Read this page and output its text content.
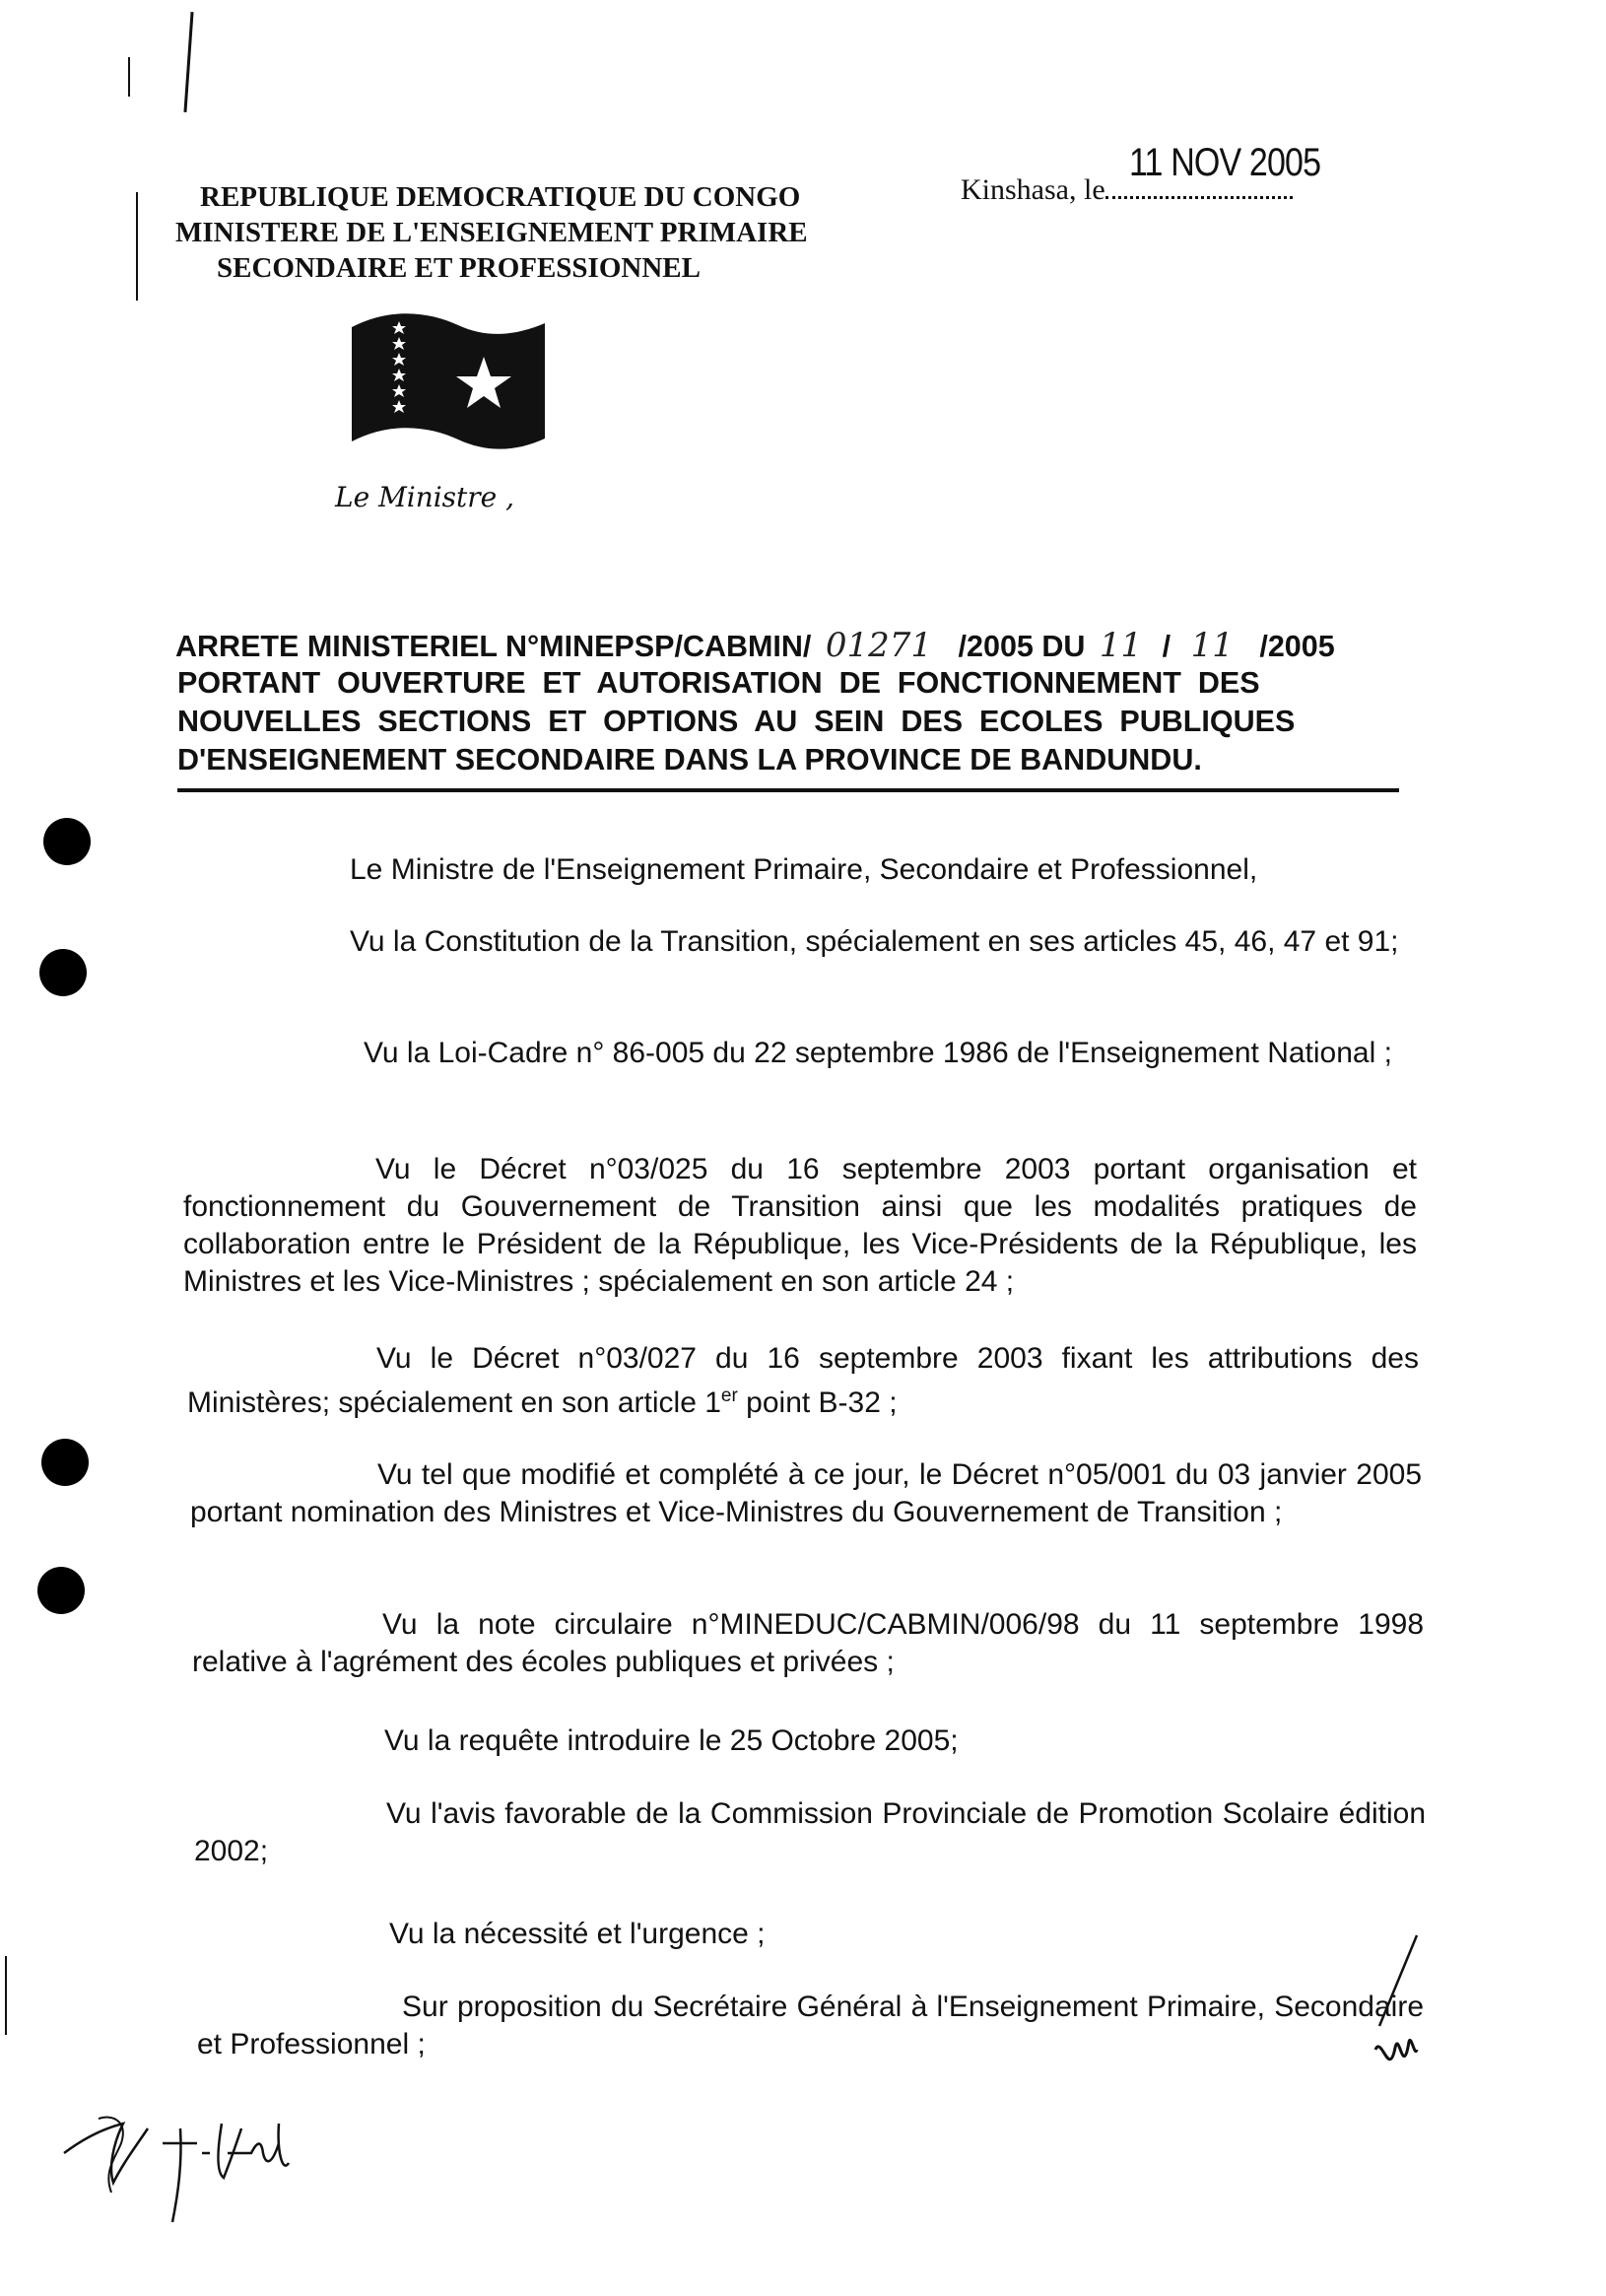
REPUBLIQUE DEMOCRATIQUE DU CONGO
MINISTERE DE L'ENSEIGNEMENT PRIMAIRE
SECONDAIRE ET PROFESSIONNEL
Kinshasa, le
11 NOV 2005
Le Ministre ,
ARRETE MINISTERIEL N°MINEPSP/CABMIN/ 01271 /2005 DU 11 / 11 /2005
PORTANT  OUVERTURE  ET  AUTORISATION  DE  FONCTIONNEMENT  DES
NOUVELLES  SECTIONS  ET  OPTIONS  AU  SEIN  DES  ECOLES  PUBLIQUES
D'ENSEIGNEMENT SECONDAIRE DANS LA PROVINCE DE BANDUNDU.
Le Ministre de l'Enseignement Primaire, Secondaire et Professionnel,
Vu la Constitution de la Transition, spécialement en ses articles 45, 46, 47 et 91;
Vu la Loi-Cadre n° 86-005 du 22 septembre 1986 de l'Enseignement National ;
Vu le Décret n°03/025 du 16 septembre 2003 portant organisation et fonctionnement du Gouvernement de Transition ainsi que les modalités pratiques de collaboration entre le Président de la République, les Vice-Présidents de la République, les Ministres et les Vice-Ministres ; spécialement en son article 24 ;
Vu le Décret n°03/027 du 16 septembre 2003 fixant les attributions des Ministères; spécialement en son article 1er point B-32 ;
Vu tel que modifié et complété à ce jour, le Décret n°05/001 du 03 janvier 2005 portant nomination des Ministres et Vice-Ministres du Gouvernement de Transition ;
Vu la note circulaire n°MINEDUC/CABMIN/006/98 du 11 septembre 1998 relative à l'agrément des écoles publiques et privées ;
Vu la requête introduire le 25 Octobre 2005;
Vu l'avis favorable de la Commission Provinciale de Promotion Scolaire édition 2002;
Vu la nécessité et l'urgence ;
Sur proposition du Secrétaire Général à l'Enseignement Primaire, Secondaire et Professionnel ;
